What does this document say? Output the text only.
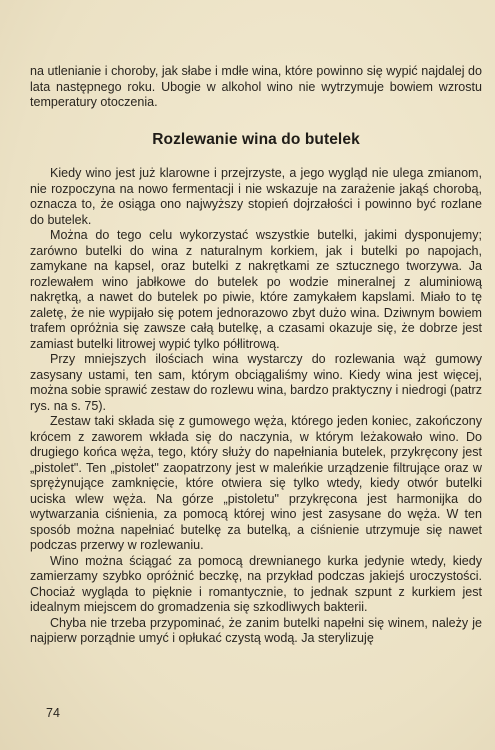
na utlenianie i choroby, jak słabe i mdłe wina, które powinno się wypić najdalej do lata następnego roku. Ubogie w alkohol wino nie wytrzymuje bowiem wzrostu temperatury otoczenia.

Rozlewanie wina do butelek

Kiedy wino jest już klarowne i przejrzyste, a jego wygląd nie ulega zmianom, nie rozpoczyna na nowo fermentacji i nie wskazuje na zarażenie jakąś chorobą, oznacza to, że osiąga ono najwyższy stopień dojrzałości i powinno być rozlane do butelek.

Można do tego celu wykorzystać wszystkie butelki, jakimi dysponujemy; zarówno butelki do wina z naturalnym korkiem, jak i butelki po napojach, zamykane na kapsel, oraz butelki z nakrętkami ze sztucznego tworzywa. Ja rozlewałem wino jabłkowe do butelek po wodzie mineralnej z aluminiową nakrętką, a nawet do butelek po piwie, które zamykałem kapslami. Miało to tę zaletę, że nie wypijało się potem jednorazowo zbyt dużo wina. Dziwnym bowiem trafem opróżnia się zawsze całą butelkę, a czasami okazuje się, że dobrze jest zamiast butelki litrowej wypić tylko półlitrową.

Przy mniejszych ilościach wina wystarczy do rozlewania wąż gumowy zasysany ustami, ten sam, którym obciągaliśmy wino. Kiedy wina jest więcej, można sobie sprawić zestaw do rozlewu wina, bardzo praktyczny i niedrogi (patrz rys. na s. 75).

Zestaw taki składa się z gumowego węża, którego jeden koniec, zakończony krócem z zaworem wkłada się do naczynia, w którym leżakowało wino. Do drugiego końca węża, tego, który służy do napełniania butelek, przykręcony jest „pistolet". Ten „pistolet" zaopatrzony jest w maleńkie urządzenie filtrujące oraz w sprężynujące zamknięcie, które otwiera się tylko wtedy, kiedy otwór butelki uciska wlew węża. Na górze „pistoletu" przykręcona jest harmonijka do wytwarzania ciśnienia, za pomocą której wino jest zasysane do węża. W ten sposób można napełniać butelkę za butelką, a ciśnienie utrzymuje się nawet podczas przerwy w rozlewaniu.

Wino można ściągać za pomocą drewnianego kurka jedynie wtedy, kiedy zamierzamy szybko opróżnić beczkę, na przykład podczas jakiejś uroczystości. Chociaż wygląda to pięknie i romantycznie, to jednak szpunt z kurkiem jest idealnym miejscem do gromadzenia się szkodliwych bakterii.

Chyba nie trzeba przypominać, że zanim butelki napełni się winem, należy je najpierw porządnie umyć i opłukać czystą wodą. Ja sterylizuję

74
